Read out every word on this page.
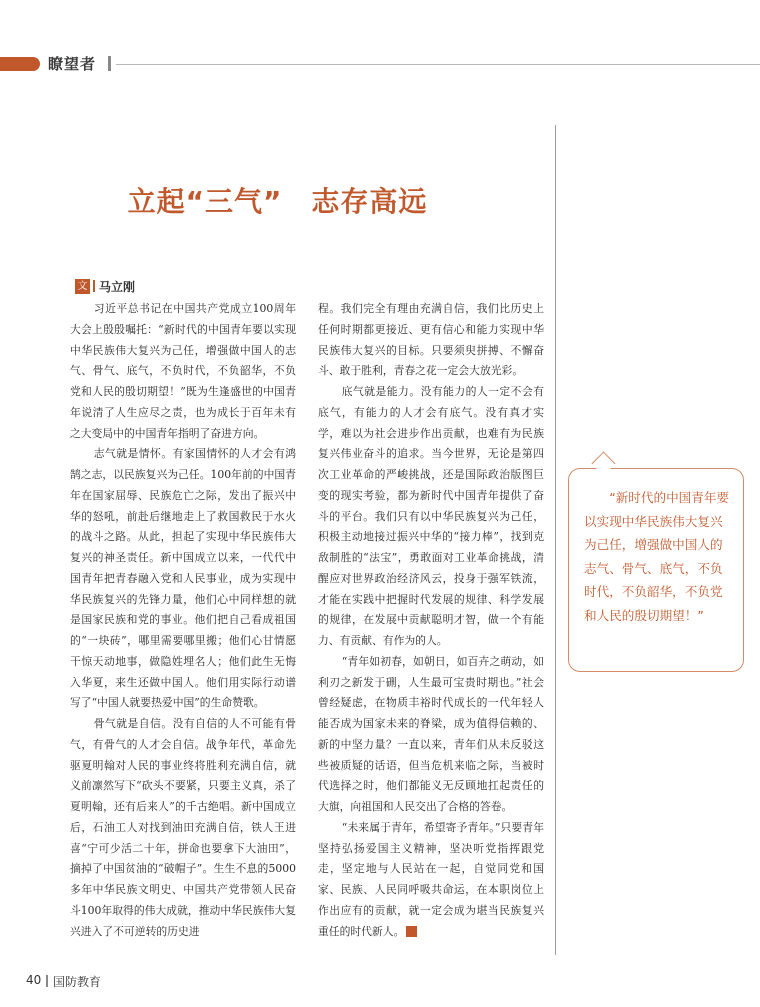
瞭望者
立起“三气”　志存高远
文 马立刚

习近平总书记在中国共产党成立100周年大会上殷殷嘱托：“新时代的中国青年要以实现中华民族伟大复兴为己任，增强做中国人的志气、骨气、底气，不负时代，不负韶华，不负党和人民的殷切期望！”既为生逢盛世的中国青年说清了人生应尽之责，也为成长于百年未有之大变局中的中国青年指明了奋进方向。

志气就是情怀。有家国情怀的人才会有鸿鹄之志，以民族复兴为己任。100年前的中国青年在国家屈辱、民族危亡之际，发出了振兴中华的怒吼，前赴后继地走上了救国救民于水火的战斗之路。从此，担起了实现中华民族伟大复兴的神圣责任。新中国成立以来，一代代中国青年把青春融入党和人民事业，成为实现中华民族复兴的先锋力量，他们心中同样想的就是国家民族和党的事业。他们把自己看成祖国的“一块砖”，哪里需要哪里搬；他们心甘情愿干惊天动地事，做隐姓埋名人；他们此生无悔入华夏，来生还做中国人。他们用实际行动谱写了“中国人就要热爱中国”的生命赞歌。

骨气就是自信。没有自信的人不可能有骨气，有骨气的人才会自信。战争年代，革命先驱夏明翰对人民的事业终将胜利充满自信，就义前凛然写下“砍头不要紧，只要主义真，杀了夏明翰，还有后来人”的千古绝唱。新中国成立后，石油工人对找到油田充满自信，铁人王进喜“宁可少活二十年，拼命也要拿下大油田”，摘掉了中国贫油的“破帽子”。生生不息的5000多年中华民族文明史、中国共产党带领人民奋斗100年取得的伟大成就，推动中华民族伟大复兴进入了不可逆转的历史进

程。我们完全有理由充满自信，我们比历史上任何时期都更接近、更有信心和能力实现中华民族伟大复兴的目标。只要须臾拼搏、不懈奋斗、敢于胜利，青春之花一定会大放光彩。

底气就是能力。没有能力的人一定不会有底气，有能力的人才会有底气。没有真才实学，难以为社会进步作出贡献，也难有为民族复兴伟业奋斗的追求。当今世界，无论是第四次工业革命的严峻挑战，还是国际政治版图巨变的现实考验，都为新时代中国青年提供了奋斗的平台。我们只有以中华民族复兴为己任，积极主动地接过振兴中华的“接力棒”，找到克敌制胜的“法宝”，勇敢面对工业革命挑战，清醒应对世界政治经济风云，投身于强军铁流，才能在实践中把握时代发展的规律、科学发展的规律，在发展中贡献聪明才智，做一个有能力、有贡献、有作为的人。

“青年如初春，如朝日，如百卉之萌动，如利刃之新发于硎，人生最可宝贵时期也。”社会曾经疑虑，在物质丰裕时代成长的一代年轻人能否成为国家未来的脊梁，成为值得信赖的、新的中坚力量？一直以来，青年们从未反驳这些被质疑的话语，但当危机来临之际，当被时代选择之时，他们都能义无反顾地扛起责任的大旗，向祖国和人民交出了合格的答卷。

“未来属于青年，希望寄予青年。”只要青年坚持弘扬爱国主义精神，坚决听党指挥跟党走，坚定地与人民站在一起，自觉同党和国家、民族、人民同呼吸共命运，在本职岗位上作出应有的贡献，就一定会成为堪当民族复兴重任的时代新人。	G

“新时代的中国青年要以实现中华民族伟大复兴为己任，增强做中国人的志气、骨气、底气，不负时代，不负韶华，不负党和人民的殷切期望！”
40 国防教育
